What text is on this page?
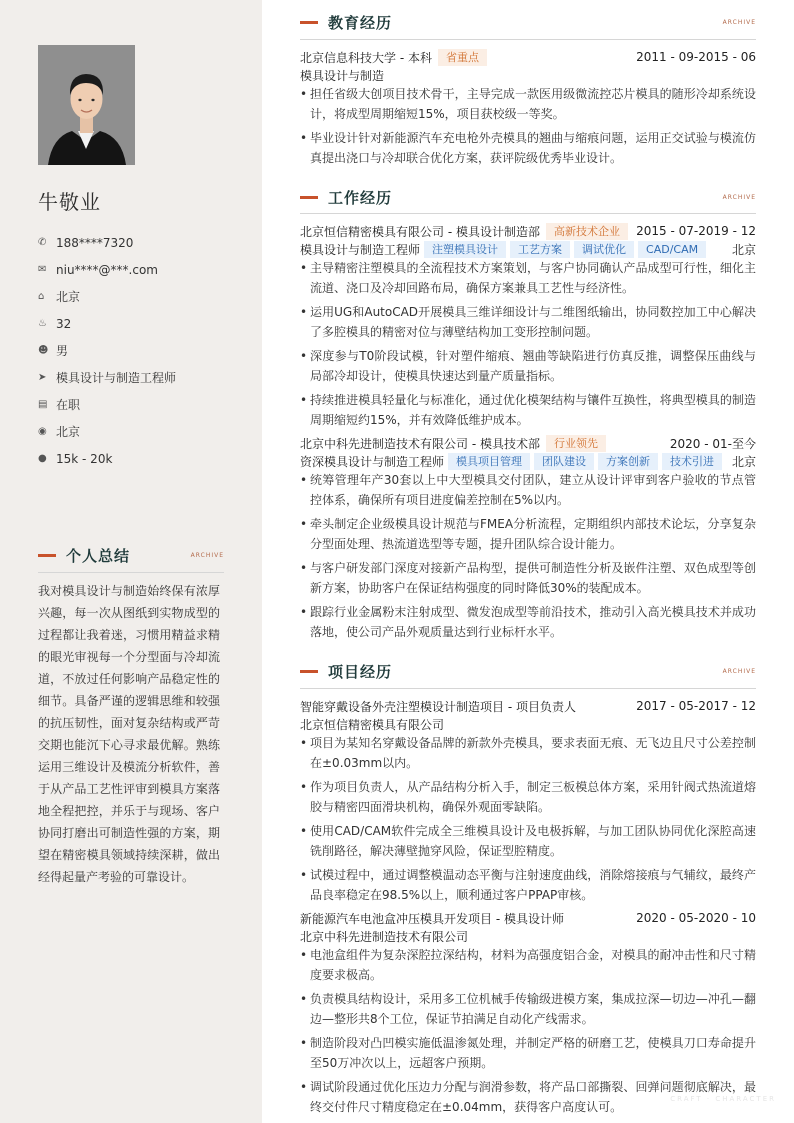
牛敬业
✆ 188****7320
✉ niu****@***.com
⌂ 北京
♨ 32
☻ 男
➤ 模具设计与制造工程师
▤ 在职
◉ 北京
● 15k - 20k
个人总结	ARCHIVE
我对模具设计与制造始终保有浓厚兴趣，每一次从图纸到实物成型的过程都让我着迷，习惯用精益求精的眼光审视每一个分型面与冷却流道，不放过任何影响产品稳定性的细节。具备严谨的逻辑思维和较强的抗压韧性，面对复杂结构或严苛交期也能沉下心寻求最优解。熟练运用三维设计及模流分析软件，善于从产品工艺性评审到模具方案落地全程把控，并乐于与现场、客户协同打磨出可制造性强的方案，期望在精密模具领域持续深耕，做出经得起量产考验的可靠设计。
教育经历	ARCHIVE
北京信息科技大学 - 本科	省重点	2011 - 09-2015 - 06
模具设计与制造
• 担任省级大创项目技术骨干，主导完成一款医用级微流控芯片模具的随形冷却系统设计，将成型周期缩短15%，项目获校级一等奖。
• 毕业设计针对新能源汽车充电枪外壳模具的翘曲与缩痕问题，运用正交试验与模流仿真提出浇口与冷却联合优化方案，获评院级优秀毕业设计。
工作经历	ARCHIVE
北京恒信精密模具有限公司 - 模具设计制造部	高新技术企业	2015 - 07-2019 - 12
模具设计与制造工程师	注塑模具设计	工艺方案	调试优化	CAD/CAM	北京
• 主导精密注塑模具的全流程技术方案策划，与客户协同确认产品成型可行性，细化主流道、浇口及冷却回路布局，确保方案兼具工艺性与经济性。
• 运用UG和AutoCAD开展模具三维详细设计与二维图纸输出，协同数控加工中心解决了多腔模具的精密对位与薄壁结构加工变形控制问题。
• 深度参与T0阶段试模，针对塑件缩痕、翘曲等缺陷进行仿真反推，调整保压曲线与局部冷却设计，使模具快速达到量产质量指标。
• 持续推进模具轻量化与标准化，通过优化模架结构与镶件互换性，将典型模具的制造周期缩短约15%，并有效降低维护成本。
北京中科先进制造技术有限公司 - 模具技术部	行业领先	2020 - 01-至今
资深模具设计与制造工程师	模具项目管理	团队建设	方案创新	技术引进	北京
• 统筹管理年产30套以上中大型模具交付团队，建立从设计评审到客户验收的节点管控体系，确保所有项目进度偏差控制在5%以内。
• 牵头制定企业级模具设计规范与FMEA分析流程，定期组织内部技术论坛，分享复杂分型面处理、热流道选型等专题，提升团队综合设计能力。
• 与客户研发部门深度对接新产品构型，提供可制造性分析及嵌件注塑、双色成型等创新方案，协助客户在保证结构强度的同时降低30%的装配成本。
• 跟踪行业金属粉末注射成型、微发泡成型等前沿技术，推动引入高光模具技术并成功落地，使公司产品外观质量达到行业标杆水平。
项目经历	ARCHIVE
智能穿戴设备外壳注塑模设计制造项目 - 项目负责人	2017 - 05-2017 - 12
北京恒信精密模具有限公司
• 项目为某知名穿戴设备品牌的新款外壳模具，要求表面无痕、无飞边且尺寸公差控制在±0.03mm以内。
• 作为项目负责人，从产品结构分析入手，制定三板模总体方案，采用针阀式热流道熔胶与精密四面滑块机构，确保外观面零缺陷。
• 使用CAD/CAM软件完成全三维模具设计及电极拆解，与加工团队协同优化深腔高速铣削路径，解决薄壁抛穿风险，保证型腔精度。
• 试模过程中，通过调整模温动态平衡与注射速度曲线，消除熔接痕与气辅纹，最终产品良率稳定在98.5%以上，顺利通过客户PPAP审核。
新能源汽车电池盒冲压模具开发项目 - 模具设计师	2020 - 05-2020 - 10
北京中科先进制造技术有限公司
• 电池盒组件为复杂深腔拉深结构，材料为高强度铝合金，对模具的耐冲击性和尺寸精度要求极高。
• 负责模具结构设计，采用多工位机械手传输级进模方案，集成拉深—切边—冲孔—翻边—整形共8个工位，保证节拍满足自动化产线需求。
• 制造阶段对凸凹模实施低温渗氮处理，并制定严格的研磨工艺，使模具刀口寿命提升至50万冲次以上，远超客户预期。
• 调试阶段通过优化压边力分配与润滑参数，将产品口部撕裂、回弹问题彻底解决，最终交付件尺寸精度稳定在±0.04mm，获得客户高度认可。
CRAFT · CHARACTER
